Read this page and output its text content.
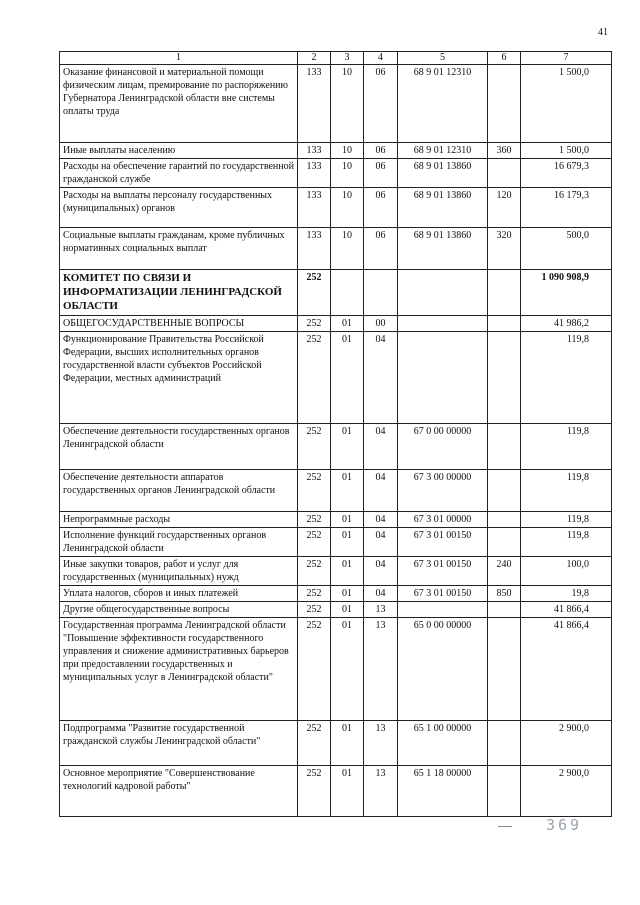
41
1	2	3	4	5	6	7
Оказание финансовой и материальной помощи физическим лицам, премирование по распоряжению Губернатора Ленинградской области вне системы оплаты труда	133	10	06	68 9 01 12310		1 500,0
Иные выплаты населению	133	10	06	68 9 01 12310	360	1 500,0
Расходы на обеспечение гарантий по государственной гражданской службе	133	10	06	68 9 01 13860		16 679,3
Расходы на выплаты персоналу государственных (муниципальных) органов	133	10	06	68 9 01 13860	120	16 179,3
Социальные выплаты гражданам, кроме публичных нормативных социальных выплат	133	10	06	68 9 01 13860	320	500,0
КОМИТЕТ ПО СВЯЗИ И ИНФОРМАТИЗАЦИИ ЛЕНИНГРАДСКОЙ ОБЛАСТИ	252					1 090 908,9
ОБЩЕГОСУДАРСТВЕННЫЕ ВОПРОСЫ	252	01	00			41 986,2
Функционирование Правительства Российской Федерации, высших исполнительных органов государственной власти субъектов Российской Федерации, местных администраций	252	01	04			119,8
Обеспечение деятельности государственных органов Ленинградской области	252	01	04	67 0 00 00000		119,8
Обеспечение деятельности аппаратов государственных органов Ленинградской области	252	01	04	67 3 00 00000		119,8
Непрограммные расходы	252	01	04	67 3 01 00000		119,8
Исполнение функций государственных органов Ленинградской области	252	01	04	67 3 01 00150		119,8
Иные закупки товаров, работ и услуг для государственных (муниципальных) нужд	252	01	04	67 3 01 00150	240	100,0
Уплата налогов, сборов и иных платежей	252	01	04	67 3 01 00150	850	19,8
Другие общегосударственные вопросы	252	01	13			41 866,4
Государственная программа Ленинградской области "Повышение эффективности государственного управления и снижение административных барьеров при предоставлении государственных и муниципальных услуг в Ленинградской области"	252	01	13	65 0 00 00000		41 866,4
Подпрограмма "Развитие государственной гражданской службы Ленинградской области"	252	01	13	65 1 00 00000		2 900,0
Основное мероприятие "Совершенствование технологий кадровой работы"	252	01	13	65 1 18 00000		2 900,0
369
